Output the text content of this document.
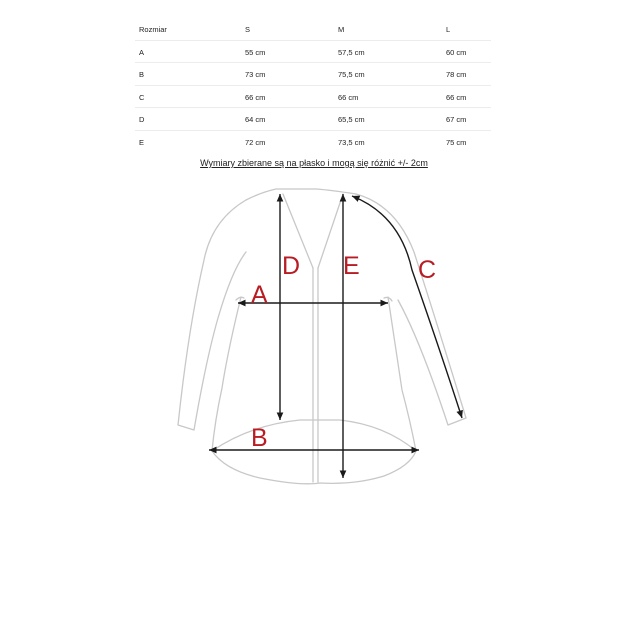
Rozmiar	S	M	L
A	55 cm	57,5 cm	60 cm
B	73 cm	75,5 cm	78 cm
C	66 cm	66 cm	66 cm
D	64 cm	65,5 cm	67 cm
E	72 cm	73,5 cm	75 cm
Wymiary zbierane są na płasko i mogą się różnić +/- 2cm
D E
A
C
B
